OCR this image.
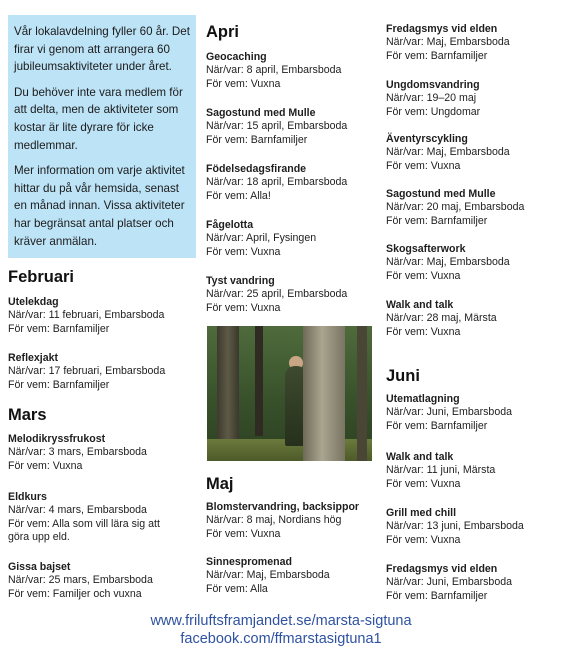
Vår lokalavdelning fyller 60 år. Det firar vi genom att arrangera 60 jubileumsaktiviteter under året.

Du behöver inte vara medlem för att delta, men de aktiviteter som kostar är lite dyrare för icke medlemmar.

Mer information om varje aktivitet hittar du på vår hemsida, senast en månad innan. Vissa aktiviteter har begränsat antal platser och kräver anmälan.

Februari
Utelekdag
När/var: 11 februari, Embarsboda
För vem: Barnfamiljer
Reflexjakt
När/var: 17 februari, Embarsboda
För vem: Barnfamiljer
Mars
Melodikryssfrukost
När/var: 3 mars, Embarsboda
För vem: Vuxna
Eldkurs
När/var: 4 mars, Embarsboda
För vem: Alla som vill lära sig att göra upp eld.
Gissa bajset
När/var: 25 mars, Embarsboda
För vem: Familjer och vuxna
Apri
Geocaching
När/var: 8 april, Embarsboda
För vem: Vuxna
Sagostund med Mulle
När/var: 15 april, Embarsboda
För vem: Barnfamiljer
Födelsedagsfirande
När/var: 18 april, Embarsboda
För vem: Alla!
Fågelotta
När/var: April, Fysingen
För vem: Vuxna
Tyst vandring
När/var: 25 april, Embarsboda
För vem: Vuxna
Maj
Blomstervandring, backsippor
När/var: 8 maj, Nordians hög
För vem: Vuxna
Sinnespromenad
När/var: Maj, Embarsboda
För vem: Alla
Fredagsmys vid elden
När/var: Maj, Embarsboda
För vem: Barnfamiljer
Ungdomsvandring
När/var: 19–20 maj
För vem: Ungdomar
Äventyrscykling
När/var: Maj, Embarsboda
För vem: Vuxna
Sagostund med Mulle
När/var: 20 maj, Embarsboda
För vem: Barnfamiljer
Skogsafterwork
När/var: Maj, Embarsboda
För vem: Vuxna
Walk and talk
När/var: 28 maj, Märsta
För vem: Vuxna
Juni
Utematlagning
När/var: Juni, Embarsboda
För vem: Barnfamiljer
Walk and talk
När/var: 11 juni, Märsta
För vem: Vuxna
Grill med chill
När/var: 13 juni, Embarsboda
För vem: Vuxna
Fredagsmys vid elden
När/var: Juni, Embarsboda
För vem: Barnfamiljer
www.friluftsframjandet.se/marsta-sigtuna
facebook.com/ffmarstasigtuna1
